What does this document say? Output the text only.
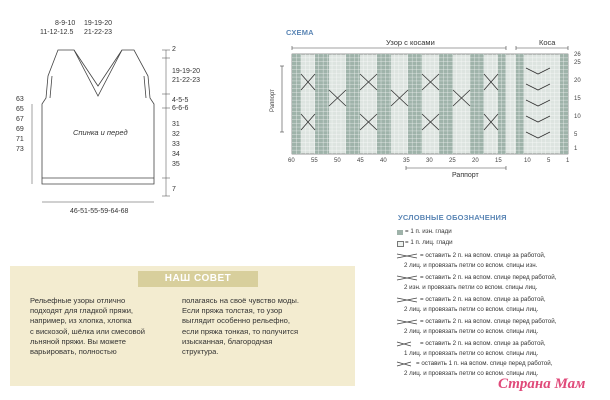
8-9-10
11-12-12.5
19-19-20
21-22-23
2
19-19-20
21-22-23
4-5-5
6-6-6
31
32
33
34
35
7
63
65
67
69
71
73
Спинка и перед
46-51-55-59-64-68
СХЕМА
Узор с косами	Коса
Раппорт
60	55	50	45	40	35	30	25	20	15	10	5	1
26
25
20
15
10
5
1
Раппорт
УСЛОВНЫЕ ОБОЗНАЧЕНИЯ
= 1 п. изн. глади
= 1 п. лиц. глади
= оставить 2 п. на вспом. спице за работой,
2 лиц. и провязать петли со вспом. спицы изн.
= оставить 2 п. на вспом. спице перед работой,
2 изн. и провязать петли со вспом. спицы лиц.
= оставить 2 п. на вспом. спице за работой,
2 лиц. и провязать петли со вспом. спицы лиц.
= оставить 2 п. на вспом. спице перед работой,
2 лиц. и провязать петли со вспом. спицы лиц.
= оставить 2 п. на вспом. спице за работой,
1 лиц. и провязать петли со вспом. спицы лиц.
= оставить 1 п. на вспом. спице перед работой,
2 лиц. и провязать петли со вспом. спицы лиц.
НАШ СОВЕТ
Рельефные узоры отлично
подходят для гладкой пряжи,
например, из хлопка, хлопка
с вискозой, шёлка или смесовой
льняной пряжи. Вы можете
варьировать, полностью
полагаясь на своё чувство моды.
Если пряжа толстая, то узор
выглядит особенно рельефно,
если пряжа тонкая, то получится
изысканная, благородная
структура.
Страна Мам
